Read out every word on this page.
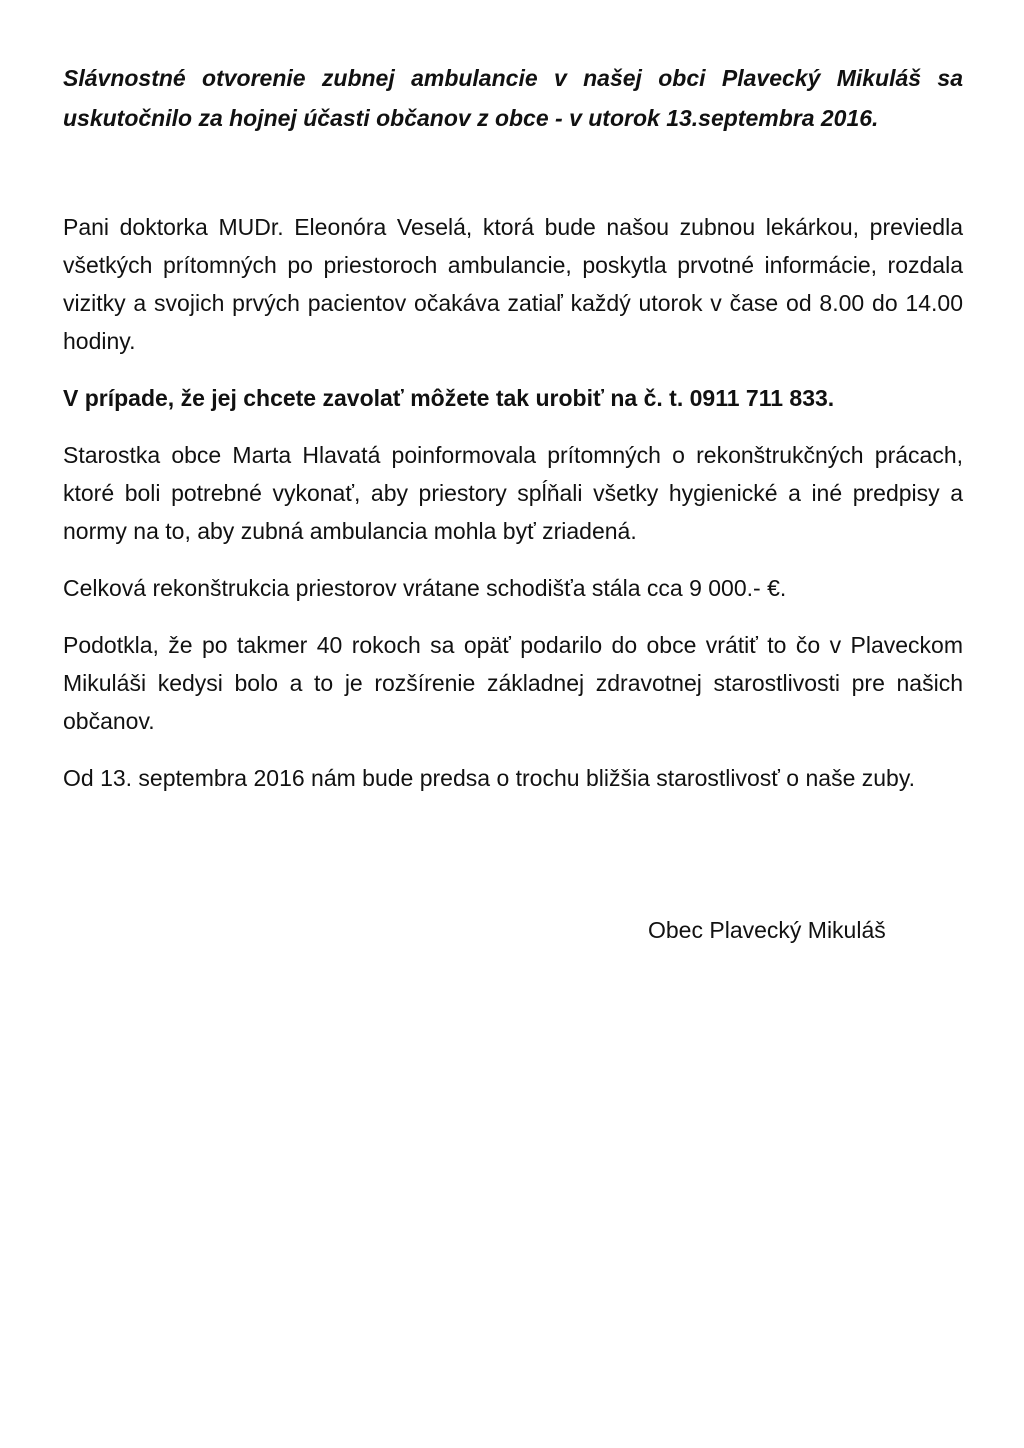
Slávnostné otvorenie zubnej ambulancie v našej obci Plavecký Mikuláš sa uskutočnilo za hojnej účasti občanov z obce - v utorok 13.septembra 2016.

Pani doktorka MUDr. Eleonóra Veselá, ktorá bude našou zubnou lekárkou, previedla všetkých prítomných po priestoroch ambulancie, poskytla prvotné informácie, rozdala vizitky a svojich prvých pacientov očakáva zatiaľ každý utorok v čase od 8.00 do 14.00 hodiny.

V prípade, že jej chcete zavolať môžete tak urobiť na č. t. 0911 711 833.

Starostka obce Marta Hlavatá poinformovala prítomných o rekonštrukčných prácach, ktoré boli potrebné vykonať, aby priestory spĺňali všetky hygienické a iné predpisy a normy na to, aby zubná ambulancia mohla byť zriadená.

Celková rekonštrukcia priestorov vrátane schodišťa stála cca 9 000.- €.

Podotkla, že po takmer 40 rokoch sa opäť podarilo do obce vrátiť to čo v Plaveckom Mikuláši kedysi bolo a to je rozšírenie základnej zdravotnej starostlivosti pre našich občanov.

Od 13. septembra 2016 nám bude predsa o trochu bližšia starostlivosť o naše zuby.

Obec Plavecký Mikuláš
